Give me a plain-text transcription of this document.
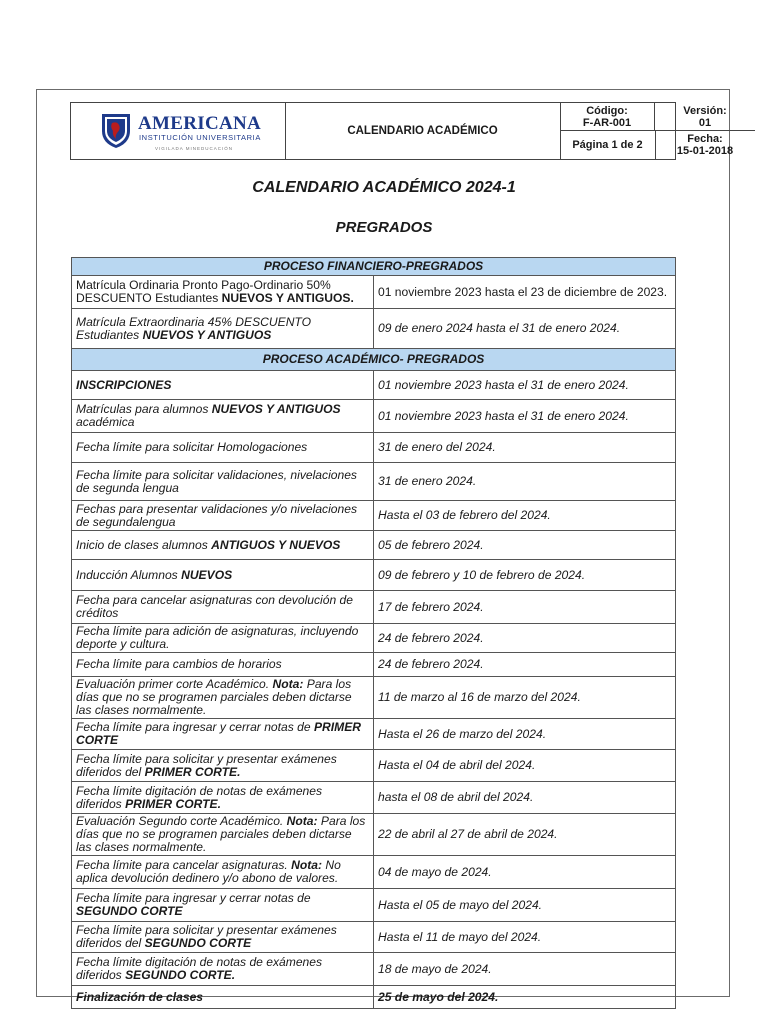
AMERICANA
INSTITUCIÓN UNIVERSITARIA
VIGILADA MINEDUCACIÓN
CALENDARIO ACADÉMICO
Código:
F-AR-001
Página 1 de 2
Versión:
01
Fecha:
15-01-2018
CALENDARIO ACADÉMICO 2024-1
PREGRADOS
PROCESO FINANCIERO-PREGRADOS	
Matrícula Ordinaria Pronto Pago-Ordinario 50% DESCUENTO Estudiantes NUEVOS Y ANTIGUOS.	01 noviembre 2023 hasta el 23 de diciembre de 2023.
Matrícula Extraordinaria 45% DESCUENTO Estudiantes NUEVOS Y ANTIGUOS	09 de enero 2024 hasta el 31 de enero 2024.
PROCESO ACADÉMICO- PREGRADOS	
INSCRIPCIONES	01 noviembre 2023 hasta el 31 de enero 2024.
Matrículas para alumnos NUEVOS Y ANTIGUOS académica	01 noviembre 2023 hasta el 31 de enero 2024.
Fecha límite para solicitar Homologaciones	31 de enero del 2024.
Fecha límite para solicitar validaciones, nivelaciones de segunda lengua	31 de enero 2024.
Fechas para presentar validaciones y/o nivelaciones de segundalengua	Hasta el 03 de febrero del 2024.
Inicio de clases alumnos ANTIGUOS Y NUEVOS	05 de febrero 2024.
Inducción Alumnos NUEVOS	09 de febrero y 10 de febrero de 2024.
Fecha para cancelar asignaturas con devolución de créditos	17 de febrero 2024.
Fecha límite para adición de asignaturas, incluyendo deporte y cultura.	24 de febrero 2024.
Fecha límite para cambios de horarios	24 de febrero 2024.
Evaluación primer corte Académico. Nota: Para los días que no se programen parciales deben dictarse las clases normalmente.	11 de marzo al 16 de marzo del 2024.
Fecha límite para ingresar y cerrar notas de PRIMER CORTE	Hasta el 26 de marzo del 2024.
Fecha límite para solicitar y presentar exámenes diferidos del PRIMER CORTE.	Hasta el 04 de abril del 2024.
Fecha límite digitación de notas de exámenes diferidos PRIMER CORTE.	hasta el 08 de abril del 2024.
Evaluación Segundo corte Académico. Nota: Para los días que no se programen parciales deben dictarse las clases normalmente.	22 de abril al 27 de abril de 2024.
Fecha límite para cancelar asignaturas. Nota: No aplica devolución dedinero y/o abono de valores.	04 de mayo de 2024.
Fecha límite para ingresar y cerrar notas de SEGUNDO CORTE	Hasta el 05 de mayo del 2024.
Fecha límite para solicitar y presentar exámenes diferidos del SEGUNDO CORTE	Hasta el 11 de mayo del 2024.
Fecha límite digitación de notas de exámenes diferidos SEGUNDO CORTE.	18 de mayo de 2024.
Finalización de clases	25 de mayo del 2024.
